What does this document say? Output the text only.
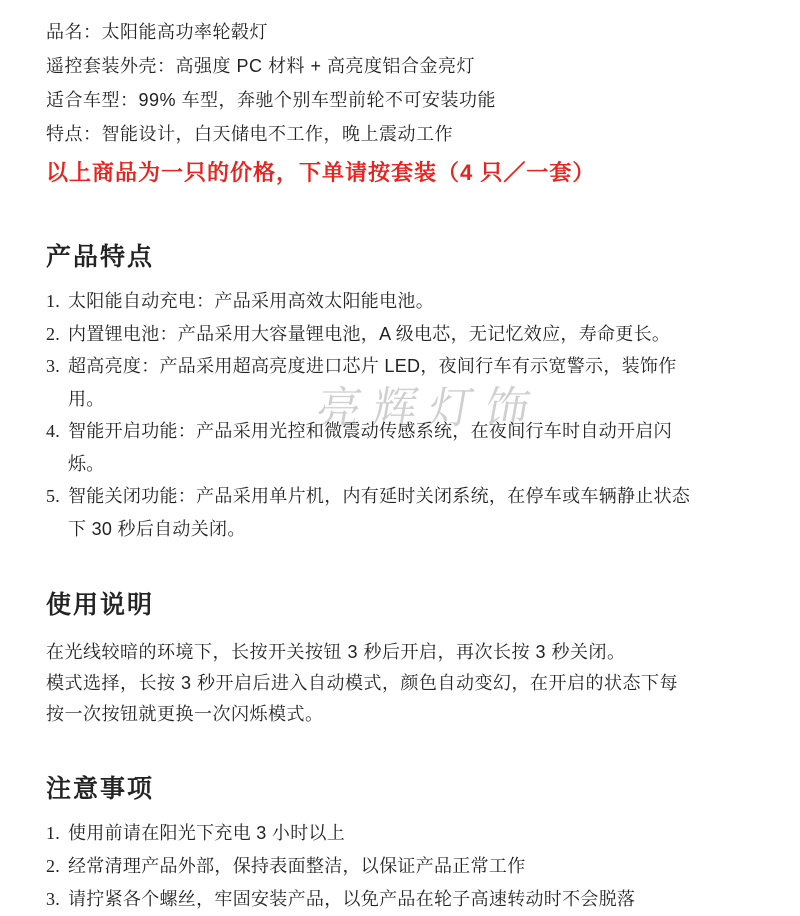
亮辉灯饰
品名：太阳能高功率轮毂灯
遥控套装外壳：高强度 PC 材料 + 高亮度铝合金亮灯
适合车型：99% 车型，奔驰个别车型前轮不可安装功能
特点：智能设计，白天储电不工作，晚上震动工作
以上商品为一只的价格，下单请按套装（4 只／一套）
产品特点
1. 太阳能自动充电：产品采用高效太阳能电池。
2. 内置锂电池：产品采用大容量锂电池，A 级电芯，无记忆效应，寿命更长。
3. 超高亮度：产品采用超高亮度进口芯片 LED，夜间行车有示宽警示，装饰作用。
4. 智能开启功能：产品采用光控和微震动传感系统，在夜间行车时自动开启闪烁。
5. 智能关闭功能：产品采用单片机，内有延时关闭系统，在停车或车辆静止状态下 30 秒后自动关闭。
使用说明

在光线较暗的环境下，长按开关按钮 3 秒后开启，再次长按 3 秒关闭。

模式选择，长按 3 秒开启后进入自动模式，颜色自动变幻，在开启的状态下每按一次按钮就更换一次闪烁模式。

注意事项
1. 使用前请在阳光下充电 3 小时以上
2. 经常清理产品外部，保持表面整洁，以保证产品正常工作
3. 请拧紧各个螺丝，牢固安装产品，以免产品在轮子高速转动时不会脱落
